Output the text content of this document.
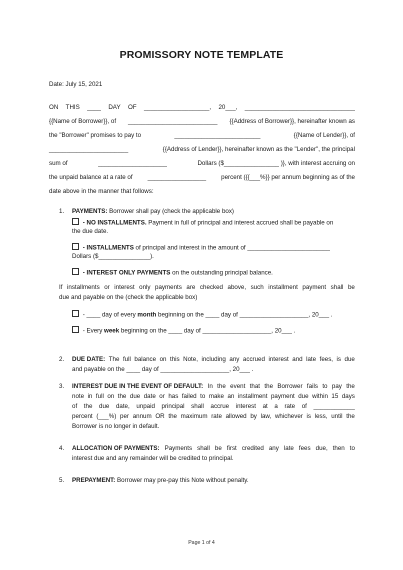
PROMISSORY NOTE TEMPLATE
Date: July 15, 2021
ON THIS ____ DAY OF ___________________, 20___, ________________________________
{{Name of Borrower}}, of __________________________ {{Address of Borrower}}, hereinafter known as
the "Borrower" promises to pay to	_________________________	{{Name of Lender}}, of
_______________________	{{Address of Lender}}, hereinafter known as the "Lender", the principal
sum of	____________________	Dollars ($________________ )}, with interest accruing on
the unpaid balance at a rate of _________________ percent ({{___%}} per annum beginning as of the
date above in the manner that follows:
1. PAYMENTS: Borrower shall pay (check the applicable box)
- NO INSTALLMENTS. Payment in full of principal and interest accrued shall be payable on
the due date.
- INSTALLMENTS of principal and interest in the amount of ________________________
Dollars ($_______________).
- INTEREST ONLY PAYMENTS on the outstanding principal balance.
If installments or interest only payments are checked above, such installment payment shall be
due and payable on the (check the applicable box)
- ____ day of every month beginning on the ____ day of ____________________, 20___ .
- Every week beginning on the ____ day of ____________________, 20___ .
2. DUE DATE: The full balance on this Note, including any accrued interest and late fees, is due
and payable on the ____ day of ____________________, 20___ .
3. INTEREST DUE IN THE EVENT OF DEFAULT: In the event that the Borrower fails to pay the
note in full on the due date or has failed to make an installment payment due within 15 days
of the due date, unpaid principal shall accrue interest at a rate of ____________
percent (___%) per annum OR the maximum rate allowed by law, whichever is less, until the
Borrower is no longer in default.
4. ALLOCATION OF PAYMENTS: Payments shall be first credited any late fees due, then to
interest due and any remainder will be credited to principal.
5. PREPAYMENT: Borrower may pre-pay this Note without penalty.
Page 1 of 4
